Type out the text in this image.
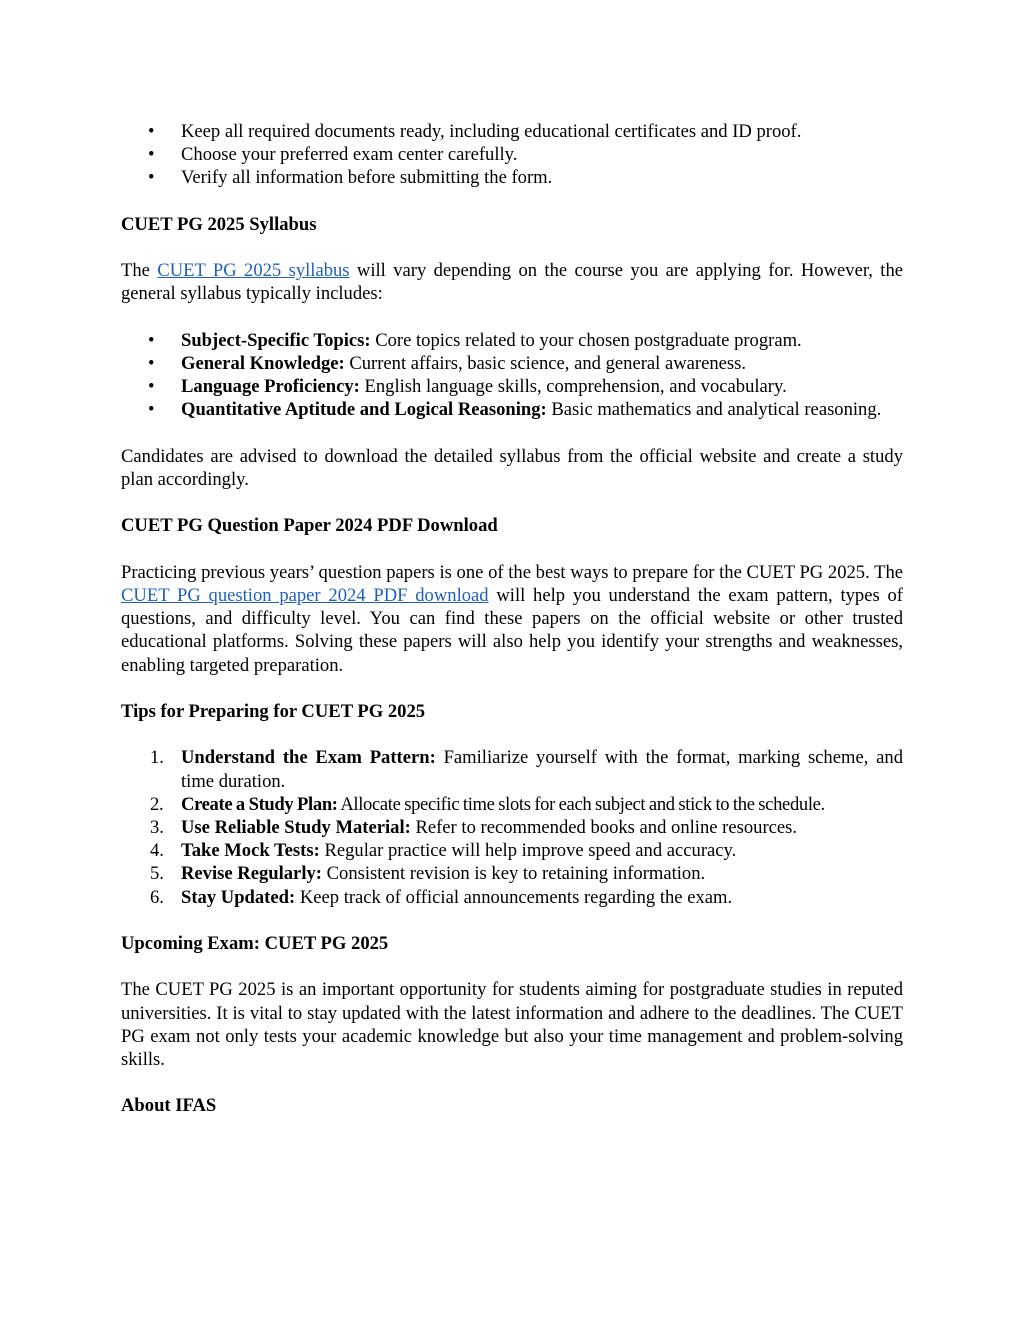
• Keep all required documents ready, including educational certificates and ID proof.
• Choose your preferred exam center carefully.
• Verify all information before submitting the form.

CUET PG 2025 Syllabus

The CUET PG 2025 syllabus will vary depending on the course you are applying for. However, the general syllabus typically includes:

• Subject-Specific Topics: Core topics related to your chosen postgraduate program.
• General Knowledge: Current affairs, basic science, and general awareness.
• Language Proficiency: English language skills, comprehension, and vocabulary.
• Quantitative Aptitude and Logical Reasoning: Basic mathematics and analytical reasoning.

Candidates are advised to download the detailed syllabus from the official website and create a study plan accordingly.

CUET PG Question Paper 2024 PDF Download

Practicing previous years’ question papers is one of the best ways to prepare for the CUET PG 2025. The CUET PG question paper 2024 PDF download will help you understand the exam pattern, types of questions, and difficulty level. You can find these papers on the official website or other trusted educational platforms. Solving these papers will also help you identify your strengths and weaknesses, enabling targeted preparation.

Tips for Preparing for CUET PG 2025

1. Understand the Exam Pattern: Familiarize yourself with the format, marking scheme, and time duration.
2. Create a Study Plan: Allocate specific time slots for each subject and stick to the schedule.
3. Use Reliable Study Material: Refer to recommended books and online resources.
4. Take Mock Tests: Regular practice will help improve speed and accuracy.
5. Revise Regularly: Consistent revision is key to retaining information.
6. Stay Updated: Keep track of official announcements regarding the exam.

Upcoming Exam: CUET PG 2025

The CUET PG 2025 is an important opportunity for students aiming for postgraduate studies in reputed universities. It is vital to stay updated with the latest information and adhere to the deadlines. The CUET PG exam not only tests your academic knowledge but also your time management and problem-solving skills.

About IFAS
